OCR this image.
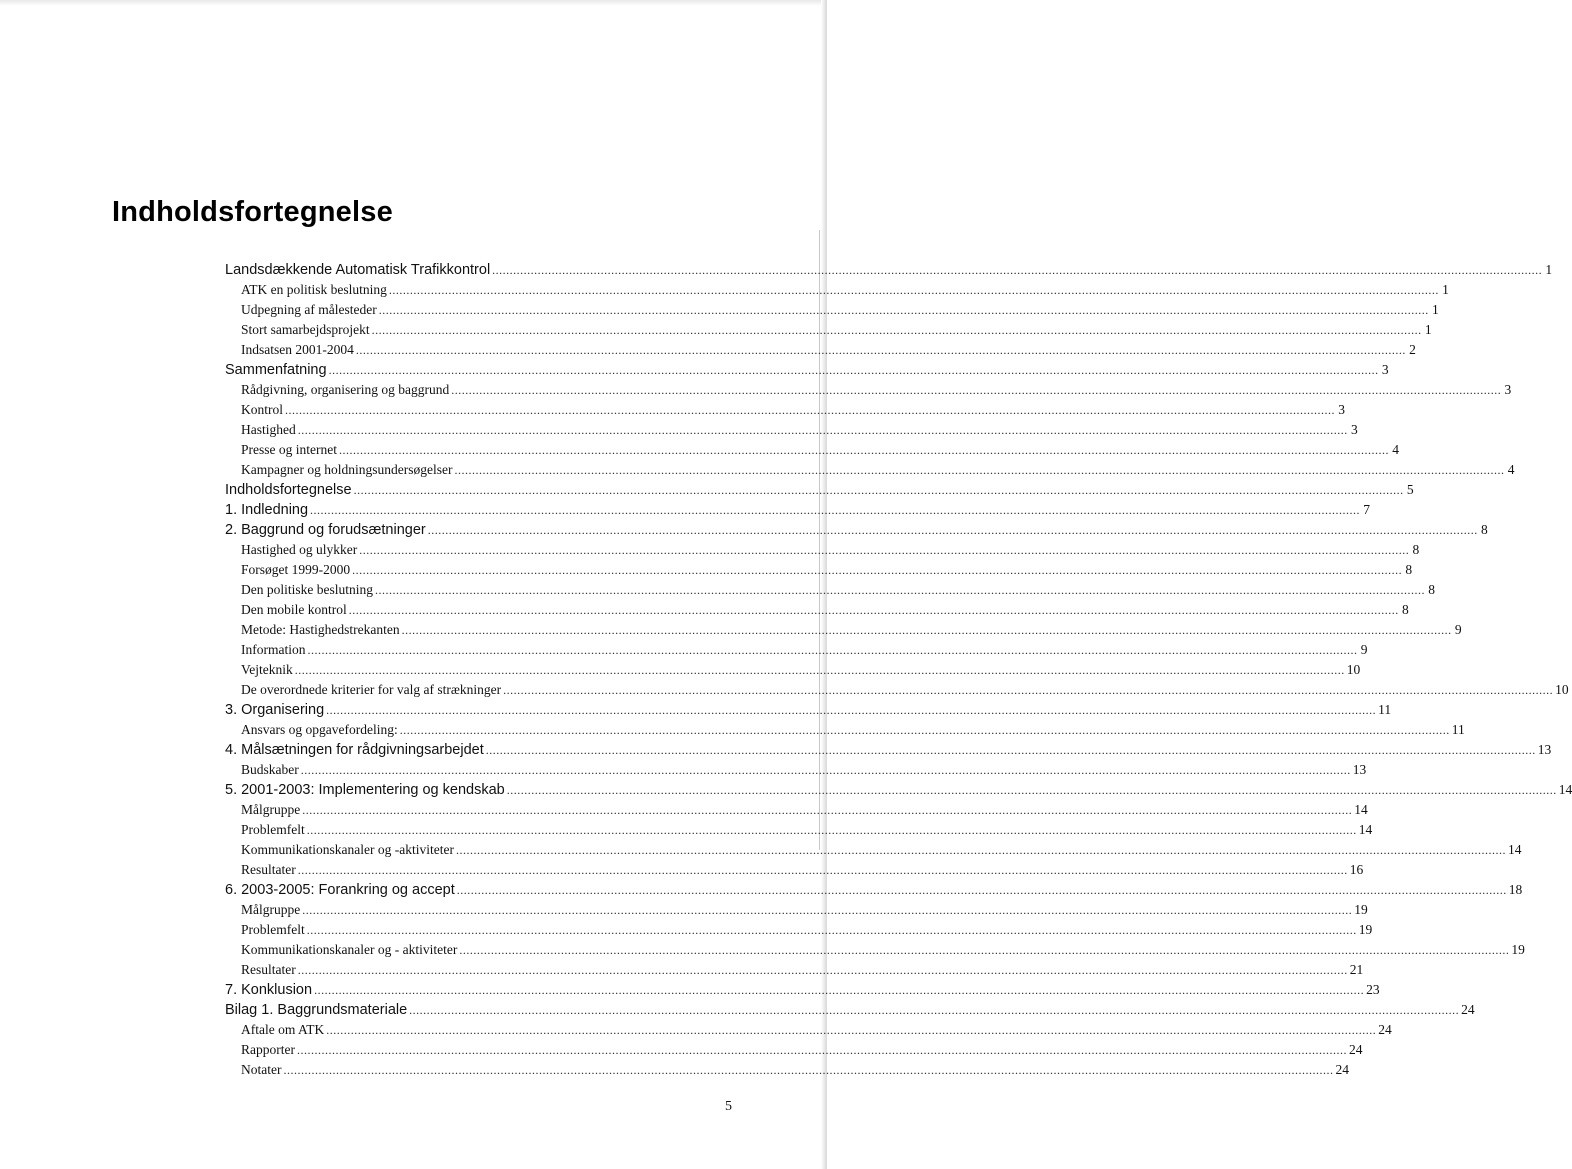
Indholdsfortegnelse
Landsdækkende Automatisk Trafikkontrol ............................................................................................................................................................................................................................................................................................................ 1
ATK en politisk beslutning ............................................................................................................................................................................................................................................................................................................ 1
Udpegning af målesteder ............................................................................................................................................................................................................................................................................................................ 1
Stort samarbejdsprojekt ............................................................................................................................................................................................................................................................................................................ 1
Indsatsen 2001-2004 ............................................................................................................................................................................................................................................................................................................ 2
Sammenfatning ............................................................................................................................................................................................................................................................................................................ 3
Rådgivning, organisering og baggrund ............................................................................................................................................................................................................................................................................................................ 3
Kontrol ............................................................................................................................................................................................................................................................................................................ 3
Hastighed ............................................................................................................................................................................................................................................................................................................ 3
Presse og internet ............................................................................................................................................................................................................................................................................................................ 4
Kampagner og holdningsundersøgelser ............................................................................................................................................................................................................................................................................................................ 4
Indholdsfortegnelse ............................................................................................................................................................................................................................................................................................................ 5
1. Indledning ............................................................................................................................................................................................................................................................................................................ 7
2. Baggrund og forudsætninger ............................................................................................................................................................................................................................................................................................................ 8
Hastighed og ulykker ............................................................................................................................................................................................................................................................................................................ 8
Forsøget 1999-2000 ............................................................................................................................................................................................................................................................................................................ 8
Den politiske beslutning ............................................................................................................................................................................................................................................................................................................ 8
Den mobile kontrol ............................................................................................................................................................................................................................................................................................................ 8
Metode: Hastighedstrekanten ............................................................................................................................................................................................................................................................................................................ 9
Information ............................................................................................................................................................................................................................................................................................................ 9
Vejteknik ............................................................................................................................................................................................................................................................................................................ 10
De overordnede kriterier for valg af strækninger ............................................................................................................................................................................................................................................................................................................ 10
3. Organisering ............................................................................................................................................................................................................................................................................................................ 11
Ansvars og opgavefordeling: ............................................................................................................................................................................................................................................................................................................ 11
4. Målsætningen for rådgivningsarbejdet ............................................................................................................................................................................................................................................................................................................ 13
Budskaber ............................................................................................................................................................................................................................................................................................................ 13
5. 2001-2003: Implementering og kendskab ............................................................................................................................................................................................................................................................................................................ 14
Målgruppe ............................................................................................................................................................................................................................................................................................................ 14
Problemfelt ............................................................................................................................................................................................................................................................................................................ 14
Kommunikationskanaler og -aktiviteter ............................................................................................................................................................................................................................................................................................................ 14
Resultater ............................................................................................................................................................................................................................................................................................................ 16
6. 2003-2005: Forankring og accept ............................................................................................................................................................................................................................................................................................................ 18
Målgruppe ............................................................................................................................................................................................................................................................................................................ 19
Problemfelt ............................................................................................................................................................................................................................................................................................................ 19
Kommunikationskanaler og - aktiviteter ............................................................................................................................................................................................................................................................................................................ 19
Resultater ............................................................................................................................................................................................................................................................................................................ 21
7. Konklusion ............................................................................................................................................................................................................................................................................................................ 23
Bilag 1. Baggrundsmateriale ............................................................................................................................................................................................................................................................................................................ 24
Aftale om ATK ............................................................................................................................................................................................................................................................................................................ 24
Rapporter ............................................................................................................................................................................................................................................................................................................ 24
Notater ............................................................................................................................................................................................................................................................................................................ 24
5
